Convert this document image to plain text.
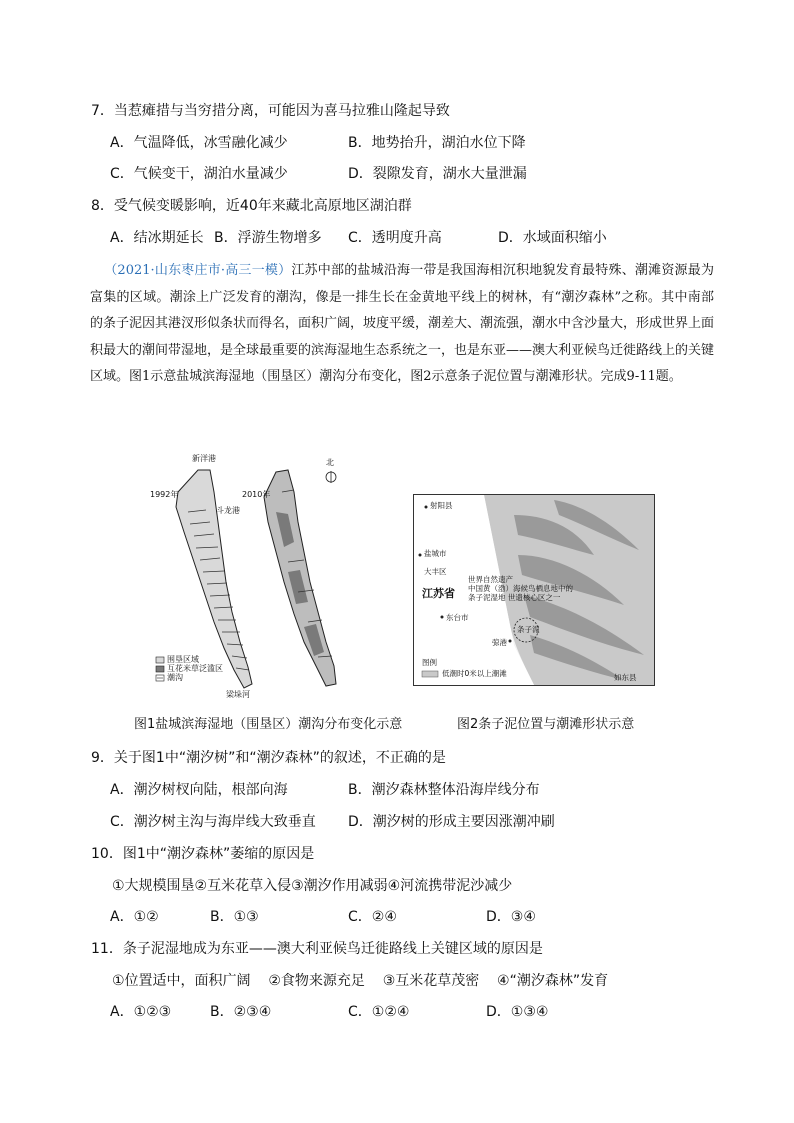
7．当惹瘫措与当穷措分离，可能因为喜马拉雅山隆起导致
A．气温降低，冰雪融化减少	B．地势抬升，湖泊水位下降
C．气候变干，湖泊水量减少	D．裂隙发育，湖水大量泄漏
8．受气候变暖影响，近40年来藏北高原地区湖泊群
A．结冰期延长 B．浮游生物增多 C．透明度升高	D．水域面积缩小
（2021·山东枣庄市·高三一模）江苏中部的盐城沿海一带是我国海相沉积地貌发育最特殊、潮滩资源最为富集的区域。潮涂上广泛发育的潮沟，像是一排生长在金黄地平线上的树林，有“潮汐森林”之称。其中南部的条子泥因其港汊形似条状而得名，面积广阔，坡度平缓，潮差大、潮流强，潮水中含沙量大，形成世界上面积最大的潮间带湿地，是全球最重要的滨海湿地生态系统之一，也是东亚——澳大利亚候鸟迁徙路线上的关键区域。图1示意盐城滨海湿地（围垦区）潮沟分布变化，图2示意条子泥位置与潮滩形状。完成9-11题。
新洋港
1992年	2010年
斗龙港
北
围垦区域
互花米草泛滥区
潮沟
梁垛河
射阳县
盐城市
大丰区
江苏省
世界自然遗产
中国黄（渤）海候鸟栖息地中的
条子泥湿地 世遗核心区之一
东台市
条子泥
弶港
图例
低潮时0米以上潮滩	如东县
图1盐城滨海湿地（围垦区）潮沟分布变化示意	图2条子泥位置与潮滩形状示意
9．关于图1中“潮汐树”和“潮汐森林”的叙述，不正确的是
A．潮汐树杈向陆，根部向海	B．潮汐森林整体沿海岸线分布
C．潮汐树主沟与海岸线大致垂直 D．潮汐树的形成主要因涨潮冲刷
10．图1中“潮汐森林”萎缩的原因是
①大规模围垦②互米花草入侵③潮汐作用减弱④河流携带泥沙减少
A．①②	B．①③	C．②④	D．③④
11．条子泥湿地成为东亚——澳大利亚候鸟迁徙路线上关键区域的原因是
①位置适中，面积广阔    ②食物来源充足    ③互米花草茂密    ④“潮汐森林”发育
A．①②③	B．②③④	C．①②④	D．①③④
